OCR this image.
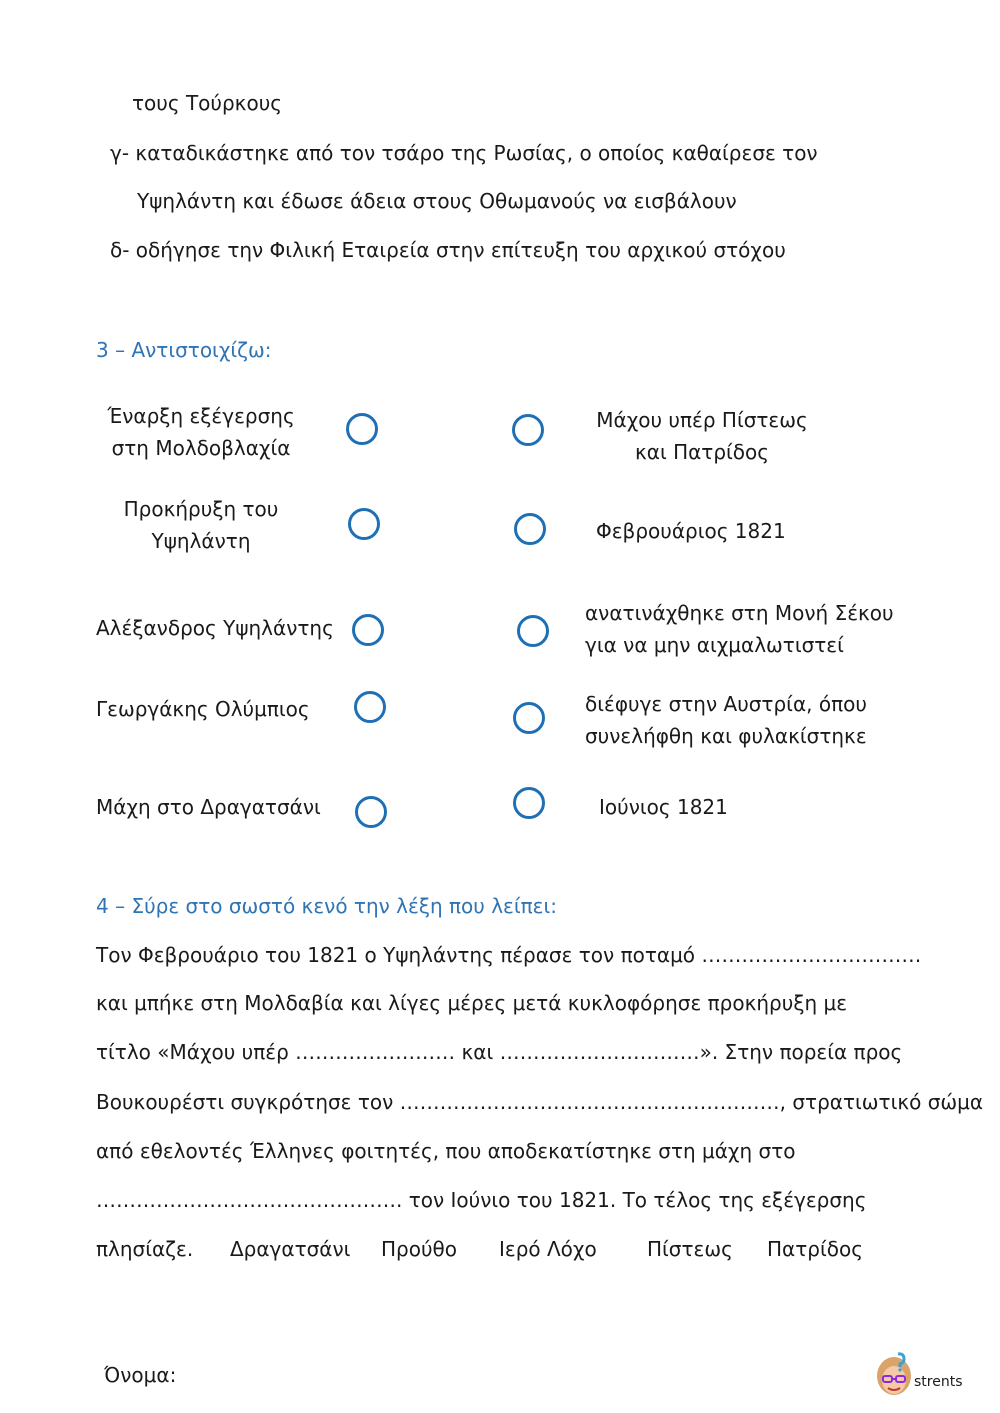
τους Τούρκους
γ- καταδικάστηκε από τον τσάρο της Ρωσίας, ο οποίος καθαίρεσε τον
Υψηλάντη και έδωσε άδεια στους Οθωμανούς να εισβάλουν
δ- οδήγησε την Φιλική Εταιρεία στην επίτευξη του αρχικού στόχου
3 – Αντιστοιχίζω:
Έναρξη εξέγερσης
στη Μολδοβλαχία
Προκήρυξη του
Υψηλάντη
Αλέξανδρος Υψηλάντης
Γεωργάκης Ολύμπιος
Μάχη στο Δραγατσάνι
Μάχου υπέρ Πίστεως
και Πατρίδος
Φεβρουάριος 1821
ανατινάχθηκε στη Μονή Σέκου
για να μην αιχμαλωτιστεί
διέφυγε στην Αυστρία, όπου
συνελήφθη και φυλακίστηκε
Ιούνιος 1821
4 – Σύρε στο σωστό κενό την λέξη που λείπει:
Τον Φεβρουάριο του 1821 ο Υψηλάντης πέρασε τον ποταμό ……………………………
και μπήκε στη Μολδαβία και λίγες μέρες μετά κυκλοφόρησε προκήρυξη με
τίτλο «Μάχου υπέρ …………………… και …………………………». Στην πορεία προς
Βουκουρέστι συγκρότησε τον …………………………………………………, στρατιωτικό σώμα
από εθελοντές Έλληνες φοιτητές, που αποδεκατίστηκε στη μάχη στο
………………………………………. τον Ιούνιο του 1821. Το τέλος της εξέγερσης
πλησίαζε. Δραγατσάνι Προύθο Ιερό Λόχο	Πίστεως Πατρίδος
Όνομα:	strents
